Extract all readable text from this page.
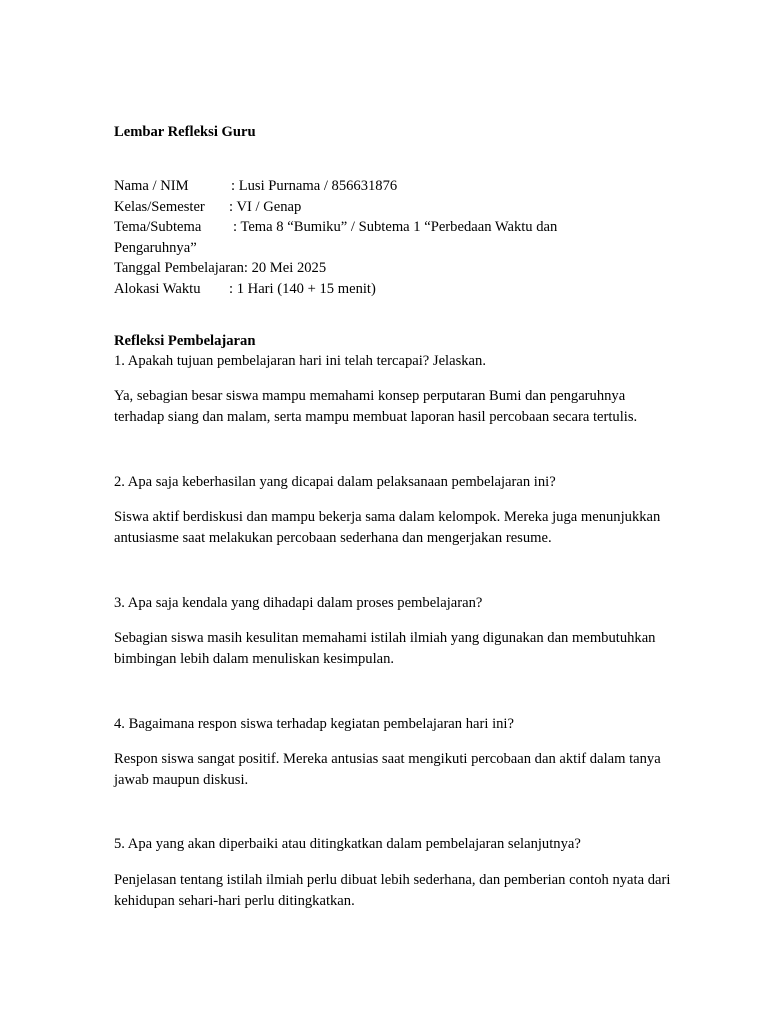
Lembar Refleksi Guru
Nama / NIM	: Lusi Purnama / 856631876
Kelas/Semester	: VI / Genap
Tema/Subtema	: Tema 8 “Bumiku” / Subtema 1 “Perbedaan Waktu dan
Pengaruhnya”
Tanggal Pembelajaran: 20 Mei 2025
Alokasi Waktu	: 1 Hari (140 + 15 menit)
Refleksi Pembelajaran
1. Apakah tujuan pembelajaran hari ini telah tercapai? Jelaskan.
Ya, sebagian besar siswa mampu memahami konsep perputaran Bumi dan pengaruhnya terhadap siang dan malam, serta mampu membuat laporan hasil percobaan secara tertulis.
2. Apa saja keberhasilan yang dicapai dalam pelaksanaan pembelajaran ini?
Siswa aktif berdiskusi dan mampu bekerja sama dalam kelompok. Mereka juga menunjukkan antusiasme saat melakukan percobaan sederhana dan mengerjakan resume.
3. Apa saja kendala yang dihadapi dalam proses pembelajaran?
Sebagian siswa masih kesulitan memahami istilah ilmiah yang digunakan dan membutuhkan bimbingan lebih dalam menuliskan kesimpulan.
4. Bagaimana respon siswa terhadap kegiatan pembelajaran hari ini?
Respon siswa sangat positif. Mereka antusias saat mengikuti percobaan dan aktif dalam tanya jawab maupun diskusi.
5. Apa yang akan diperbaiki atau ditingkatkan dalam pembelajaran selanjutnya?
Penjelasan tentang istilah ilmiah perlu dibuat lebih sederhana, dan pemberian contoh nyata dari kehidupan sehari-hari perlu ditingkatkan.
